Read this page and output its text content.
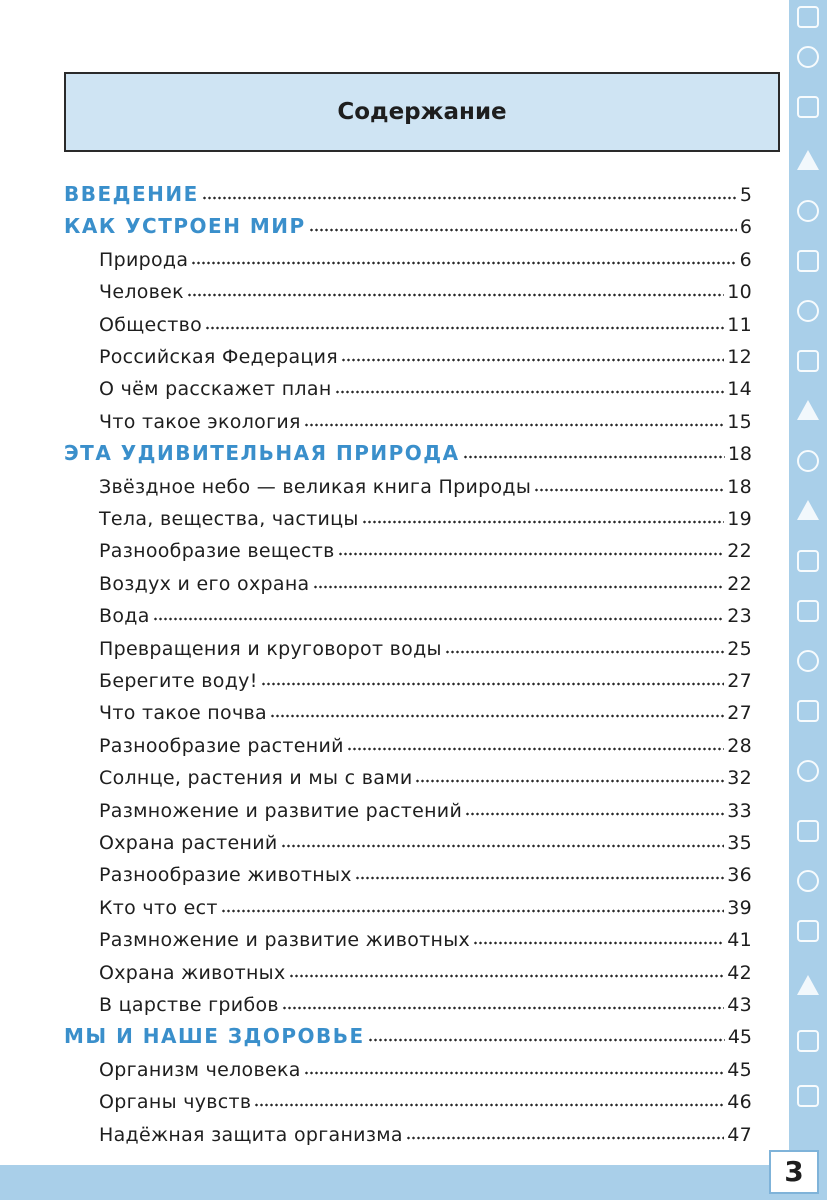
3
Содержание
ВВЕДЕНИЕ	5
КАК УСТРОЕН МИР	6
Природа	6
Человек	10
Общество	11
Российская Федерация	12
О чём расскажет план	14
Что такое экология	15
ЭТА УДИВИТЕЛЬНАЯ ПРИРОДА	18
Звёздное небо — великая книга Природы	18
Тела, вещества, частицы	19
Разнообразие веществ	22
Воздух и его охрана	22
Вода	23
Превращения и круговорот воды	25
Берегите воду!	27
Что такое почва	27
Разнообразие растений	28
Солнце, растения и мы с вами	32
Размножение и развитие растений	33
Охрана растений	35
Разнообразие животных	36
Кто что ест	39
Размножение и развитие животных	41
Охрана животных	42
В царстве грибов	43
МЫ И НАШЕ ЗДОРОВЬЕ	45
Организм человека	45
Органы чувств	46
Надёжная защита организма	47
